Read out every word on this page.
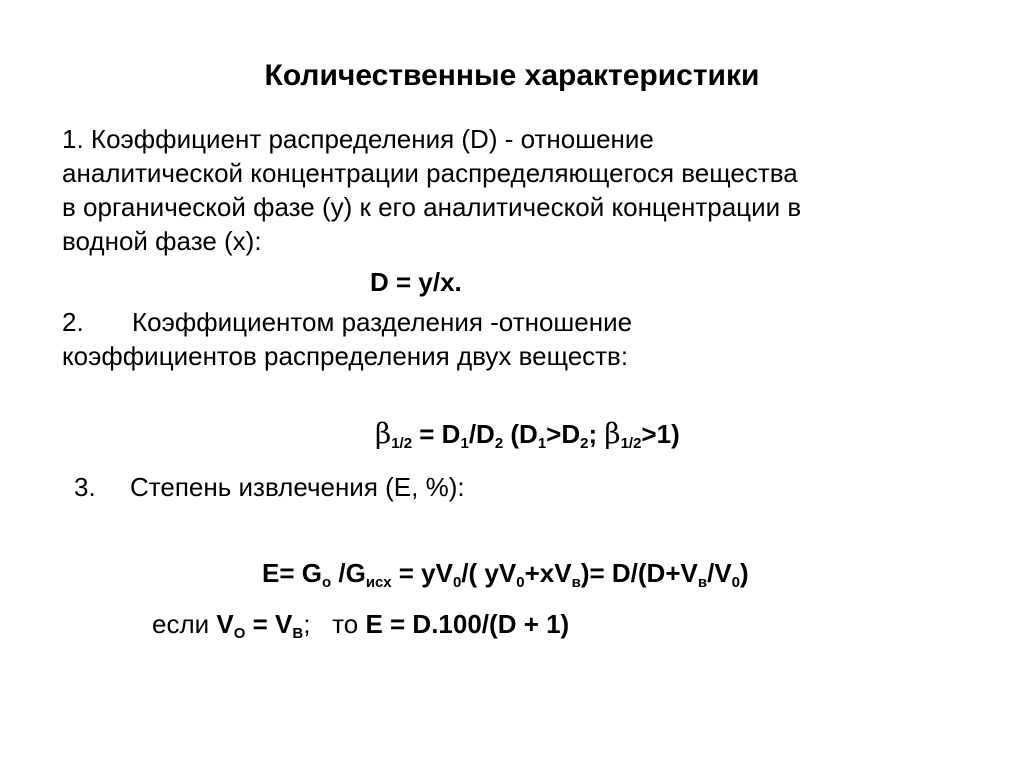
Количественные характеристики
1. Коэффициент распределения (D) - отношение
аналитической концентрации распределяющегося вещества
в органической фазе (y) к его аналитической концентрации в
водной фазе (x):
D = y/x.
2. Коэффициентом разделения -отношение
коэффициентов распределения двух веществ:
$\beta_{1/2} = D_1/D_2$ ($D_1>D_2$; $\beta_{1/2}>1$)
3. Степень извлечения (E, %):
$E= G_o$ $/G_{исх} = yV_0/$( $yV_0+xV_в)= D/(D+V_в/V_0)$
если $V_O = V_B$; то E = D.100/(D + 1)
